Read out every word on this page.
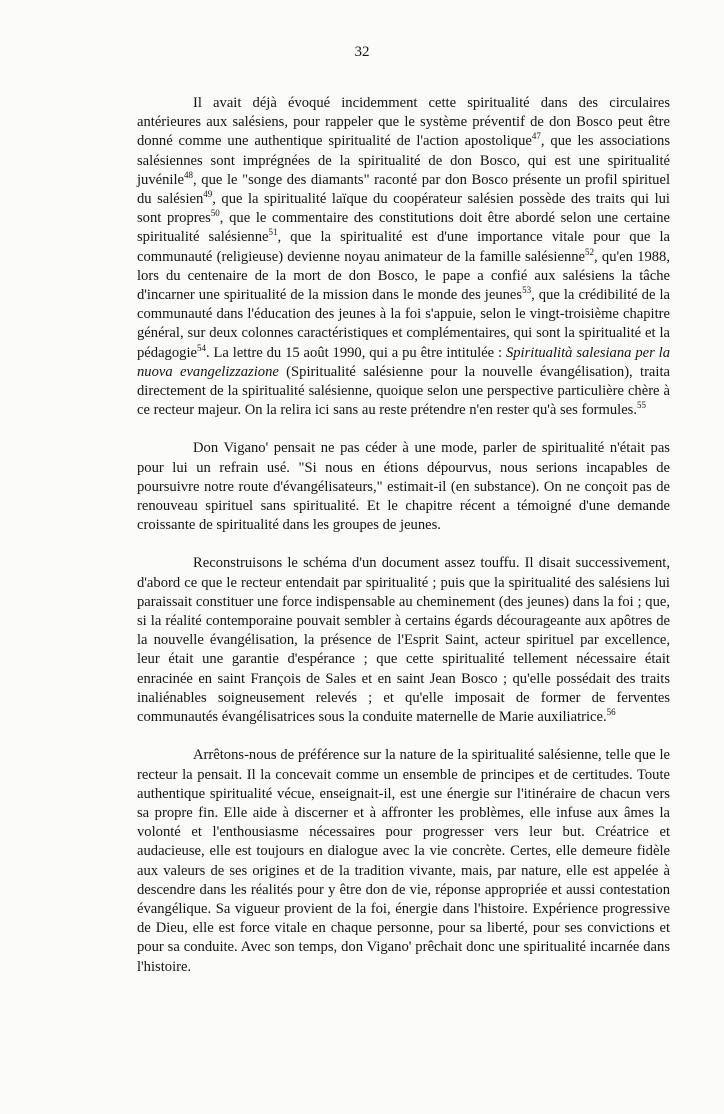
32

Il avait déjà évoqué incidemment cette spiritualité dans des circulaires antérieures aux salésiens, pour rappeler que le système préventif de don Bosco peut être donné comme une authentique spiritualité de l'action apostolique$^{47}$, que les associations salésiennes sont imprégnées de la spiritualité de don Bosco, qui est une spiritualité juvénile$^{48}$, que le "songe des diamants" raconté par don Bosco présente un profil spirituel du salésien$^{49}$, que la spiritualité laïque du coopérateur salésien possède des traits qui lui sont propres$^{50}$, que le commentaire des constitutions doit être abordé selon une certaine spiritualité salésienne$^{51}$, que la spiritualité est d'une importance vitale pour que la communauté (religieuse) devienne noyau animateur de la famille salésienne$^{52}$, qu'en 1988, lors du centenaire de la mort de don Bosco, le pape a confié aux salésiens la tâche d'incarner une spiritualité de la mission dans le monde des jeunes$^{53}$, que la crédibilité de la communauté dans l'éducation des jeunes à la foi s'appuie, selon le vingt-troisième chapitre général, sur deux colonnes caractéristiques et complémentaires, qui sont la spiritualité et la pédagogie$^{54}$. La lettre du 15 août 1990, qui a pu être intitulée : Spiritualità salesiana per la nuova evangelizzazione (Spiritualité salésienne pour la nouvelle évangélisation), traita directement de la spiritualité salésienne, quoique selon une perspective particulière chère à ce recteur majeur. On la relira ici sans au reste prétendre n'en rester qu'à ses formules.$^{55}$

Don Vigano' pensait ne pas céder à une mode, parler de spiritualité n'était pas pour lui un refrain usé. "Si nous en étions dépourvus, nous serions incapables de poursuivre notre route d'évangélisateurs," estimait-il (en substance). On ne conçoit pas de renouveau spirituel sans spiritualité. Et le chapitre récent a témoigné d'une demande croissante de spiritualité dans les groupes de jeunes.

Reconstruisons le schéma d'un document assez touffu. Il disait successivement, d'abord ce que le recteur entendait par spiritualité ; puis que la spiritualité des salésiens lui paraissait constituer une force indispensable au cheminement (des jeunes) dans la foi ; que, si la réalité contemporaine pouvait sembler à certains égards décourageante aux apôtres de la nouvelle évangélisation, la présence de l'Esprit Saint, acteur spirituel par excellence, leur était une garantie d'espérance ; que cette spiritualité tellement nécessaire était enracinée en saint François de Sales et en saint Jean Bosco ; qu'elle possédait des traits inaliénables soigneusement relevés ; et qu'elle imposait de former de ferventes communautés évangélisatrices sous la conduite maternelle de Marie auxiliatrice.$^{56}$

Arrêtons-nous de préférence sur la nature de la spiritualité salésienne, telle que le recteur la pensait. Il la concevait comme un ensemble de principes et de certitudes. Toute authentique spiritualité vécue, enseignait-il, est une énergie sur l'itinéraire de chacun vers sa propre fin. Elle aide à discerner et à affronter les problèmes, elle infuse aux âmes la volonté et l'enthousiasme nécessaires pour progresser vers leur but. Créatrice et audacieuse, elle est toujours en dialogue avec la vie concrète. Certes, elle demeure fidèle aux valeurs de ses origines et de la tradition vivante, mais, par nature, elle est appelée à descendre dans les réalités pour y être don de vie, réponse appropriée et aussi contestation évangélique. Sa vigueur provient de la foi, énergie dans l'histoire. Expérience progressive de Dieu, elle est force vitale en chaque personne, pour sa liberté, pour ses convictions et pour sa conduite. Avec son temps, don Vigano' prêchait donc une spiritualité incarnée dans l'histoire.
